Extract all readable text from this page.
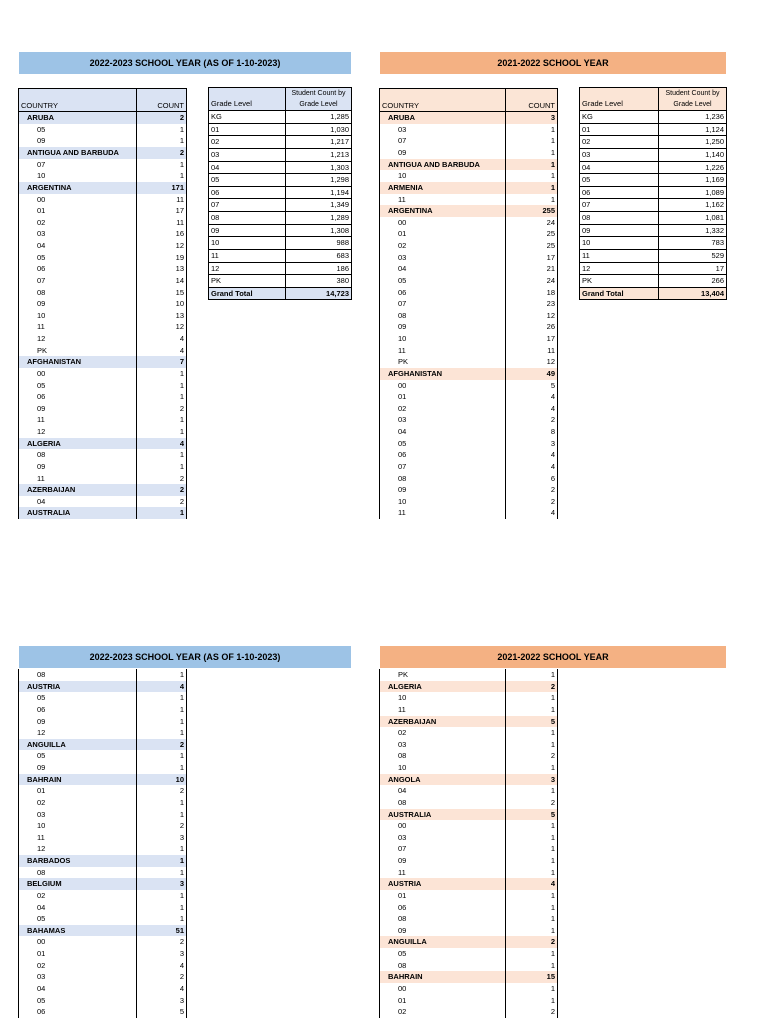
2022-2023 SCHOOL YEAR (AS OF 1-10-2023)
COUNTRY	COUNT
ARUBA	2
05	1
09	1
ANTIGUA AND BARBUDA	2
07	1
10	1
ARGENTINA	171
00	11
01	17
02	11
03	16
04	12
05	19
06	13
07	14
08	15
09	10
10	13
11	12
12	4
PK	4
AFGHANISTAN	7
00	1
05	1
06	1
09	2
11	1
12	1
ALGERIA	4
08	1
09	1
11	2
AZERBAIJAN	2
04	2
AUSTRALIA	1
Grade Level	Student Count by Grade Level
KG	1,285
01	1,030
02	1,217
03	1,213
04	1,303
05	1,298
06	1,194
07	1,349
08	1,289
09	1,308
10	988
11	683
12	186
PK	380
Grand Total	14,723
2021-2022 SCHOOL YEAR
COUNTRY	COUNT
ARUBA	3
03	1
07	1
09	1
ANTIGUA AND BARBUDA	1
10	1
ARMENIA	1
11	1
ARGENTINA	255
00	24
01	25
02	25
03	17
04	21
05	24
06	18
07	23
08	12
09	26
10	17
11	11
PK	12
AFGHANISTAN	49
00	5
01	4
02	4
03	2
04	8
05	3
06	4
07	4
08	6
09	2
10	2
11	4
Grade Level	Student Count by Grade Level
KG	1,236
01	1,124
02	1,250
03	1,140
04	1,226
05	1,169
06	1,089
07	1,162
08	1,081
09	1,332
10	783
11	529
12	17
PK	266
Grand Total	13,404
2022-2023 SCHOOL YEAR (AS OF 1-10-2023)
08	1
AUSTRIA	4
05	1
06	1
09	1
12	1
ANGUILLA	2
05	1
09	1
BAHRAIN	10
01	2
02	1
03	1
10	2
11	3
12	1
BARBADOS	1
08	1
BELGIUM	3
02	1
04	1
05	1
BAHAMAS	51
00	2
01	3
02	4
03	2
04	4
05	3
06	5
2021-2022 SCHOOL YEAR
PK	1
ALGERIA	2
10	1
11	1
AZERBAIJAN	5
02	1
03	1
08	2
10	1
ANGOLA	3
04	1
08	2
AUSTRALIA	5
00	1
03	1
07	1
09	1
11	1
AUSTRIA	4
01	1
06	1
08	1
09	1
ANGUILLA	2
05	1
08	1
BAHRAIN	15
00	1
01	1
02	2
